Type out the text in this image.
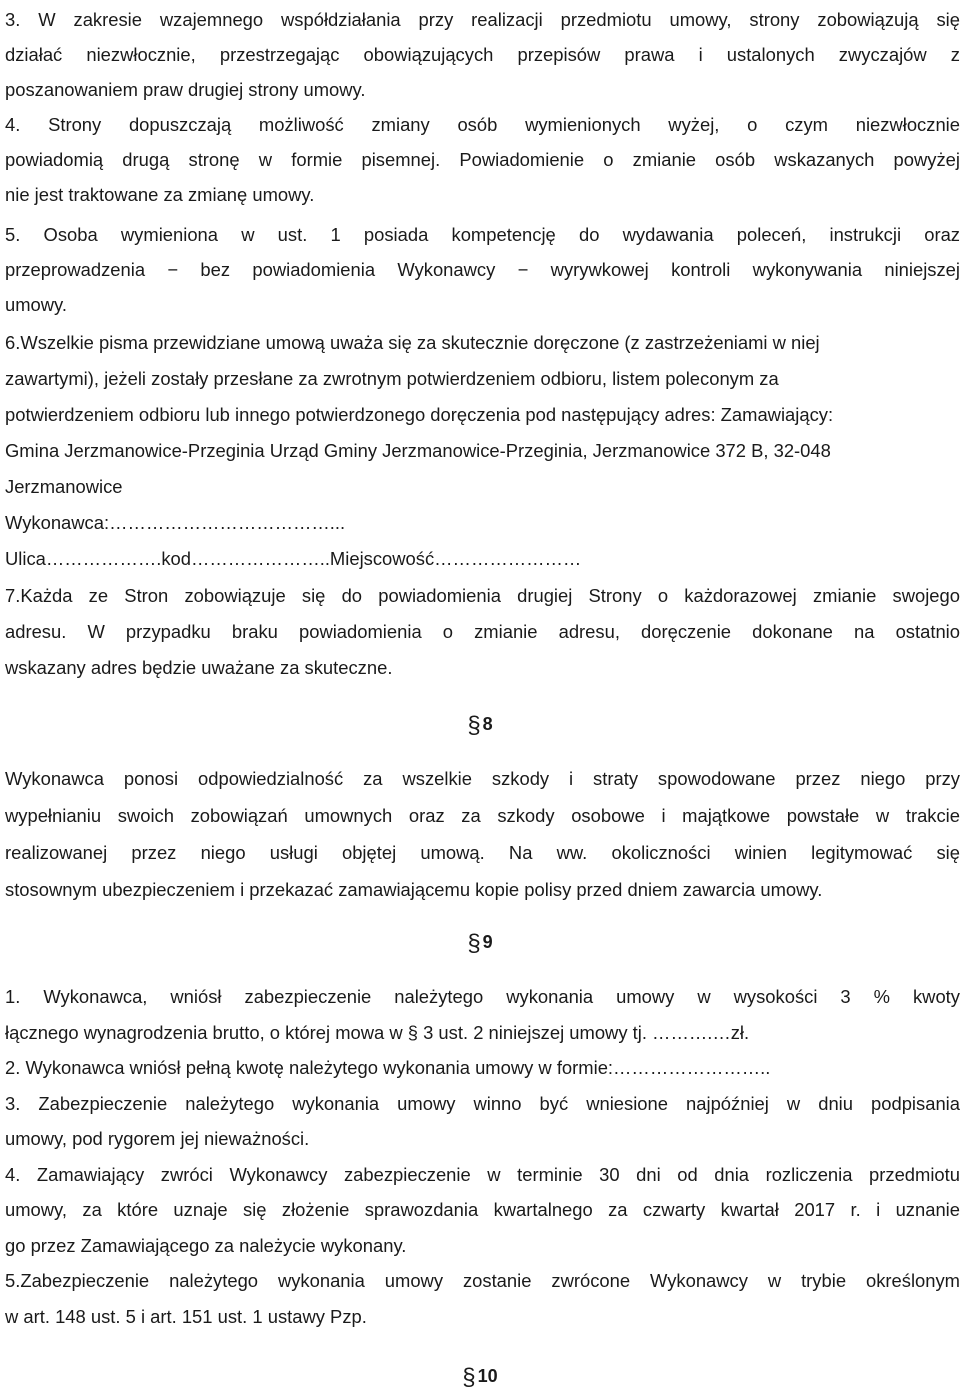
3. W zakresie wzajemnego współdziałania przy realizacji przedmiotu umowy, strony zobowiązują się
działać niezwłocznie, przestrzegając obowiązujących przepisów prawa i ustalonych zwyczajów z
poszanowaniem praw drugiej strony umowy.

4. Strony dopuszczają możliwość zmiany osób wymienionych wyżej, o czym niezwłocznie
powiadomią drugą stronę w formie pisemnej. Powiadomienie o zmianie osób wskazanych powyżej
nie jest traktowane za zmianę umowy.

5. Osoba wymieniona w ust. 1 posiada kompetencję do wydawania poleceń, instrukcji oraz
przeprowadzenia − bez powiadomienia Wykonawcy − wyrywkowej kontroli wykonywania niniejszej
umowy.

6.Wszelkie pisma przewidziane umową uważa się za skutecznie doręczone (z zastrzeżeniami w niej
zawartymi), jeżeli zostały przesłane za zwrotnym potwierdzeniem odbioru, listem poleconym za
potwierdzeniem odbioru lub innego potwierdzonego doręczenia pod następujący adres: Zamawiający:
Gmina Jerzmanowice-Przeginia Urząd Gminy Jerzmanowice-Przeginia, Jerzmanowice 372 B, 32-048
Jerzmanowice
Wykonawca:………………………………...
Ulica……………….kod…………………..Miejscowość……………………

7.Każda ze Stron zobowiązuje się do powiadomienia drugiej Strony o każdorazowej zmianie swojego
adresu. W przypadku braku powiadomienia o zmianie adresu, doręczenie dokonane na ostatnio
wskazany adres będzie uważane za skuteczne.

§ 8

Wykonawca ponosi odpowiedzialność za wszelkie szkody i straty spowodowane przez niego przy
wypełnianiu swoich zobowiązań umownych oraz za szkody osobowe i majątkowe powstałe w trakcie
realizowanej przez niego usługi objętej umową. Na ww. okoliczności winien legitymować się
stosownym ubezpieczeniem i przekazać zamawiającemu kopie polisy przed dniem zawarcia umowy.

§ 9

1. Wykonawca, wniósł zabezpieczenie należytego wykonania umowy w wysokości 3 % kwoty
łącznego wynagrodzenia brutto, o której mowa w § 3 ust. 2 niniejszej umowy tj. ……….…zł.
2. Wykonawca wniósł pełną kwotę należytego wykonania umowy w formie:……………………..
3. Zabezpieczenie należytego wykonania umowy winno być wniesione najpóźniej w dniu podpisania
umowy, pod rygorem jej nieważności.
4. Zamawiający zwróci Wykonawcy zabezpieczenie w terminie 30 dni od dnia rozliczenia przedmiotu
umowy, za które uznaje się złożenie sprawozdania kwartalnego za czwarty kwartał 2017 r. i uznanie
go przez Zamawiającego za należycie wykonany.
5.Zabezpieczenie należytego wykonania umowy zostanie zwrócone Wykonawcy w trybie określonym
w art. 148 ust. 5 i art. 151 ust. 1 ustawy Pzp.

§ 10
